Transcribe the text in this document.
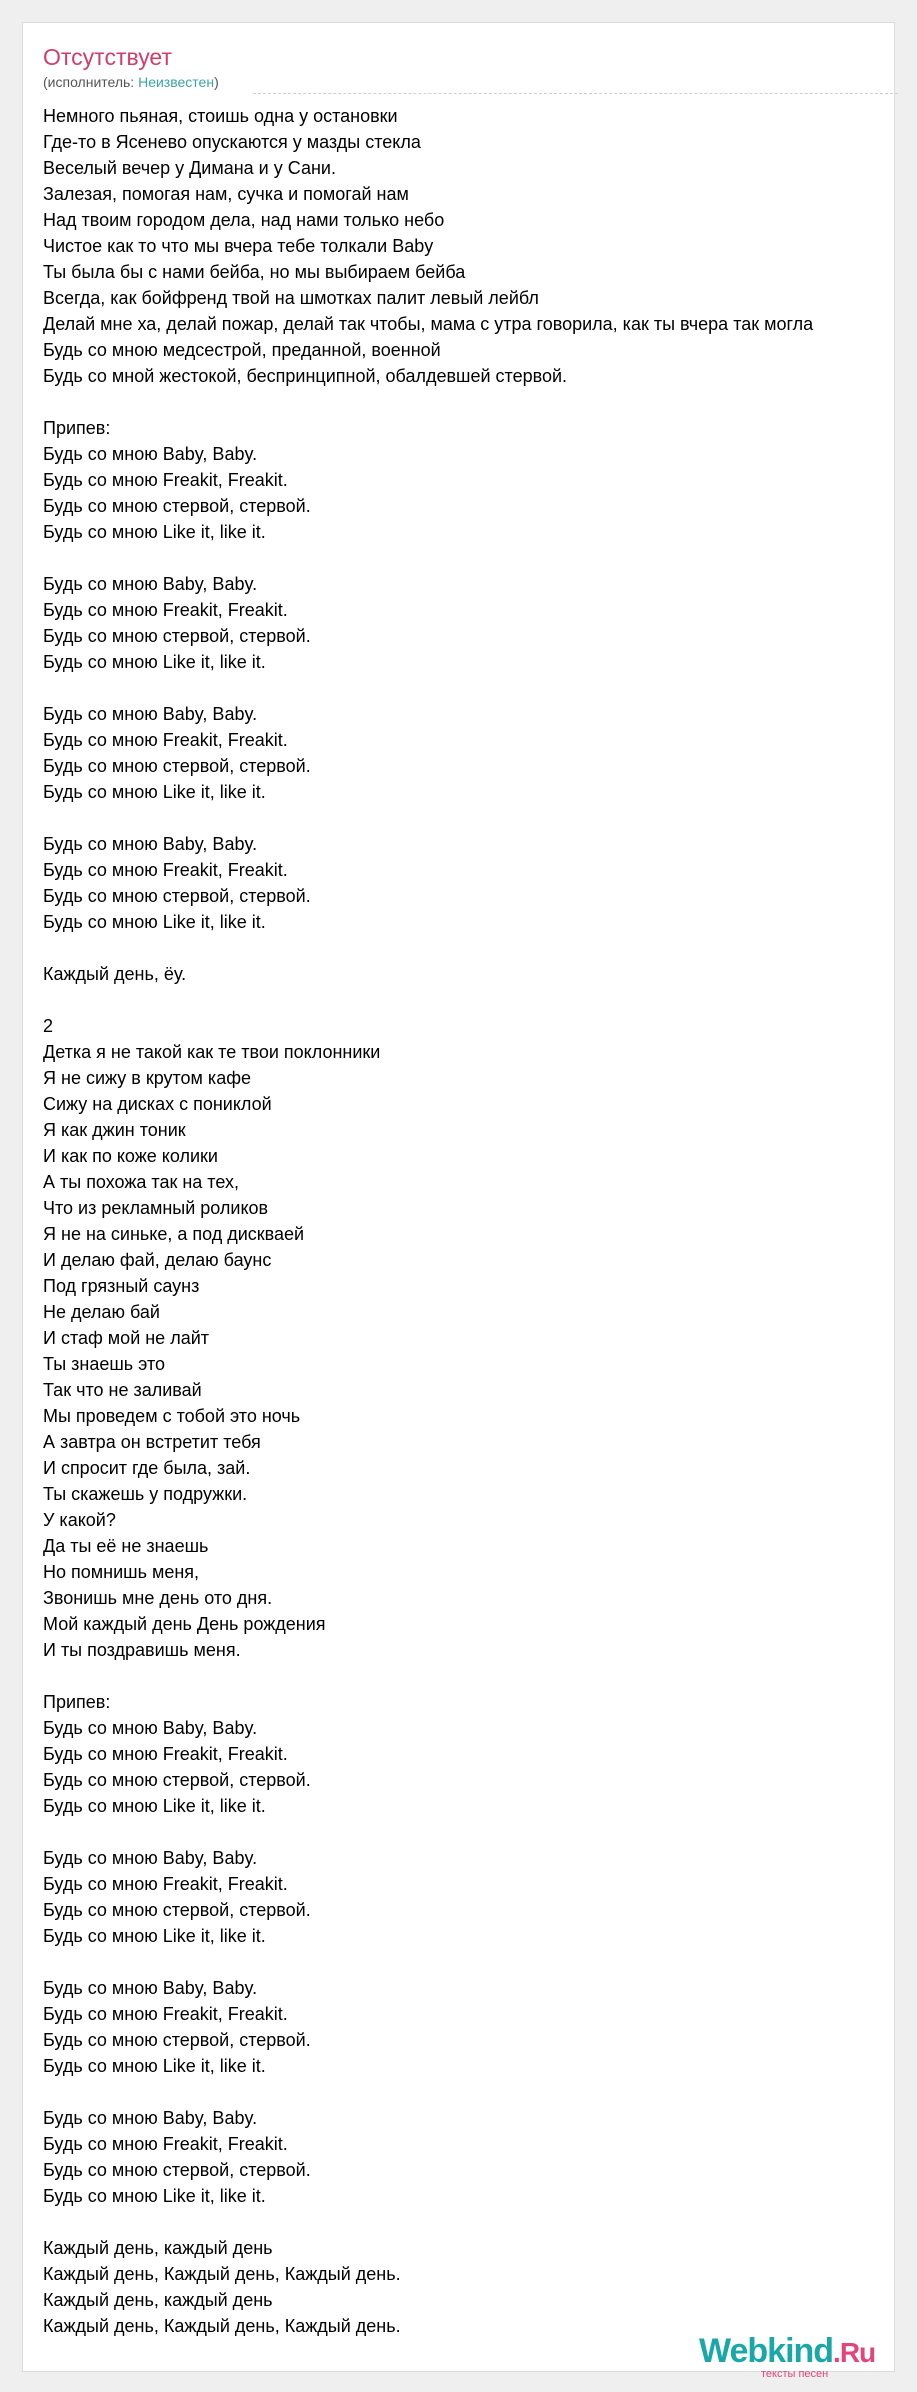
Отсутствует
(исполнитель: Неизвестен)
Немного пьяная, стоишь одна у остановки
Где-то в Ясенево опускаются у мазды стекла
Веселый вечер у Димана и у Сани.
Залезая, помогая нам, сучка и помогай нам
Над твоим городом дела, над нами только небо
Чистое как то что мы вчера тебе толкали Baby
Ты была бы с нами бейба, но мы выбираем бейба
Всегда, как бойфренд твой на шмотках палит левый лейбл
Делай мне ха, делай пожар, делай так чтобы, мама с утра говорила, как ты вчера так могла
Будь со мною медсестрой, преданной, военной
Будь со мной жестокой, беспринципной, обалдевшей стервой.
Припев:
Будь со мною Baby, Baby.
Будь со мною Freakit, Freakit.
Будь со мною стервой, стервой.
Будь со мною Like it, like it.
Будь со мною Baby, Baby.
Будь со мною Freakit, Freakit.
Будь со мною стервой, стервой.
Будь со мною Like it, like it.
Будь со мною Baby, Baby.
Будь со мною Freakit, Freakit.
Будь со мною стервой, стервой.
Будь со мною Like it, like it.
Будь со мною Baby, Baby.
Будь со мною Freakit, Freakit.
Будь со мною стервой, стервой.
Будь со мною Like it, like it.
Каждый день, ёу.
2
Детка я не такой как те твои поклонники
Я не сижу в крутом кафе
Сижу на дисках с пониклой
Я как джин тоник
И как по коже колики
А ты похожа так на тех,
Что из рекламный роликов
Я не на синьке, а под дискваей
И делаю фай, делаю баунс
Под грязный саунз
Не делаю бай
И стаф мой не лайт
Ты знаешь это
Так что не заливай
Мы проведем с тобой это ночь
А завтра он встретит тебя
И спросит где была, зай.
Ты скажешь у подружки.
У какой?
Да ты её не знаешь
Но помнишь меня,
Звонишь мне день ото дня.
Мой каждый день День рождения
И ты поздравишь меня.
Припев:
Будь со мною Baby, Baby.
Будь со мною Freakit, Freakit.
Будь со мною стервой, стервой.
Будь со мною Like it, like it.
Будь со мною Baby, Baby.
Будь со мною Freakit, Freakit.
Будь со мною стервой, стервой.
Будь со мною Like it, like it.
Будь со мною Baby, Baby.
Будь со мною Freakit, Freakit.
Будь со мною стервой, стервой.
Будь со мною Like it, like it.
Будь со мною Baby, Baby.
Будь со мною Freakit, Freakit.
Будь со мною стервой, стервой.
Будь со мною Like it, like it.
Каждый день, каждый день
Каждый день, Каждый день, Каждый день.
Каждый день, каждый день
Каждый день, Каждый день, Каждый день.
Webkind.Ru
тексты песен
